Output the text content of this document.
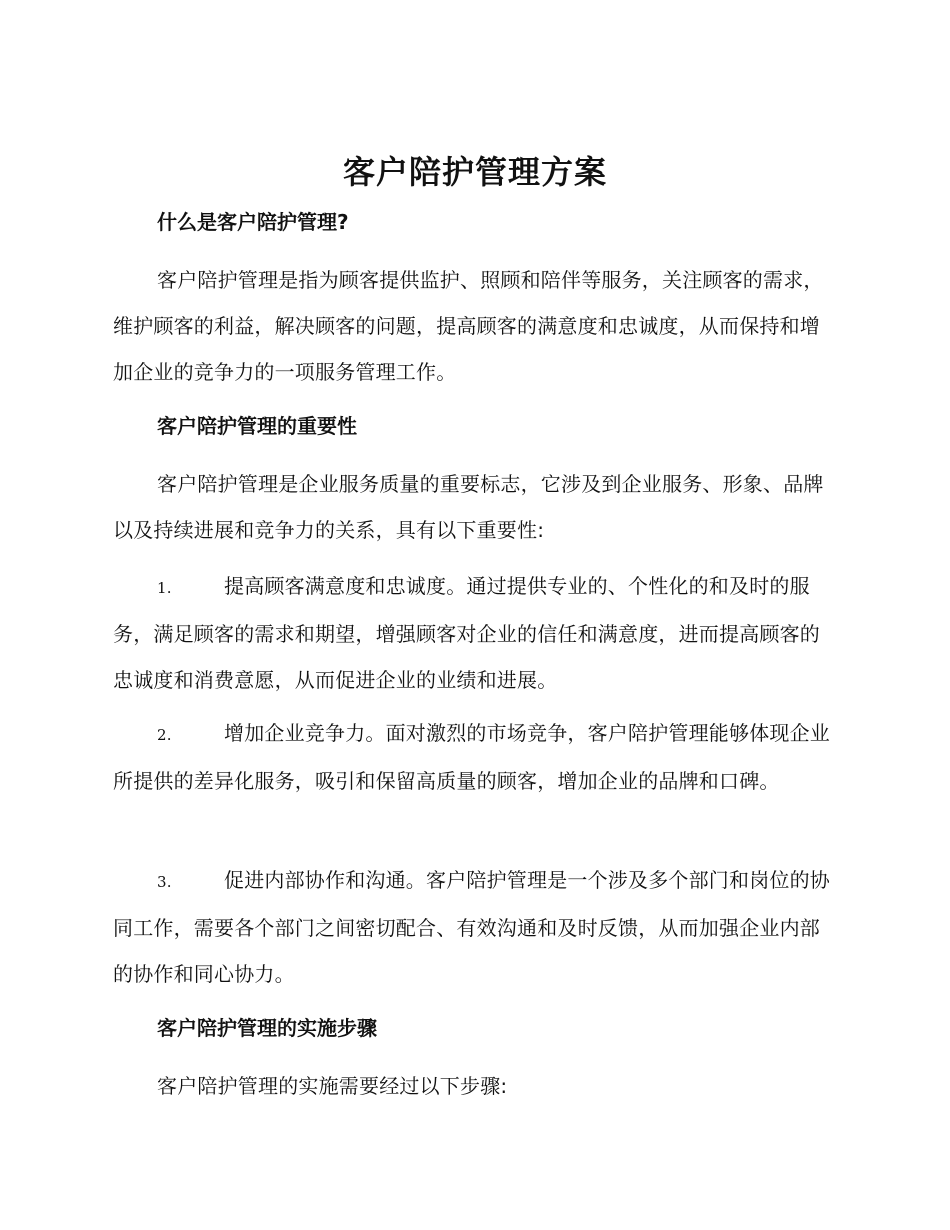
客户陪护管理方案
什么是客户陪护管理?
客户陪护管理是指为顾客提供监护、照顾和陪伴等服务，关注顾客的需求，维护顾客的利益，解决顾客的问题，提高顾客的满意度和忠诚度，从而保持和增加企业的竞争力的一项服务管理工作。
客户陪护管理的重要性
客户陪护管理是企业服务质量的重要标志，它涉及到企业服务、形象、品牌以及持续进展和竞争力的关系，具有以下重要性:
1.	提高顾客满意度和忠诚度。通过提供专业的、个性化的和及时的服务，满足顾客的需求和期望，增强顾客对企业的信任和满意度，进而提高顾客的忠诚度和消费意愿，从而促进企业的业绩和进展。
2.	增加企业竞争力。面对激烈的市场竞争，客户陪护管理能够体现企业所提供的差异化服务，吸引和保留高质量的顾客，增加企业的品牌和口碑。
3.	促进内部协作和沟通。客户陪护管理是一个涉及多个部门和岗位的协同工作，需要各个部门之间密切配合、有效沟通和及时反馈，从而加强企业内部的协作和同心协力。
客户陪护管理的实施步骤
客户陪护管理的实施需要经过以下步骤:
